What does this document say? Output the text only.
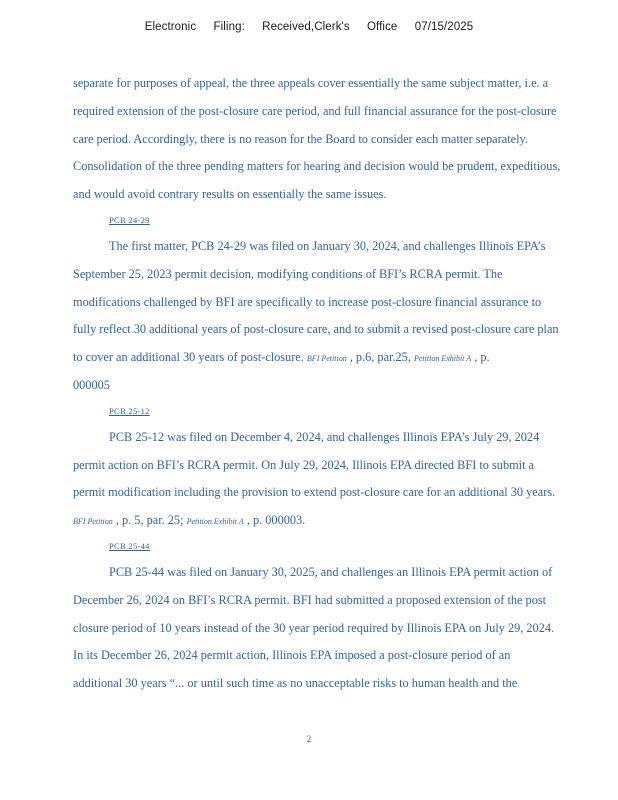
Electronic Filing: Received,Clerk's Office 07/15/2025
separate for purposes of appeal, the three appeals cover essentially the same subject matter, i.e. a
required extension of the post-closure care period, and full financial assurance for the post-closure
care period. Accordingly, there is no reason for the Board to consider each matter separately.
Consolidation of the three pending matters for hearing and decision would be prudent, expeditious,
and would avoid contrary results on essentially the same issues.
PCB 24-29
The first matter, PCB 24-29 was filed on January 30, 2024, and challenges Illinois EPA’s
September 25, 2023 permit decision, modifying conditions of BFI’s RCRA permit. The
modifications challenged by BFI are specifically to increase post-closure financial assurance to
fully reflect 30 additional years of post-closure care, and to submit a revised post-closure care plan
to cover an additional 30 years of post-closure. BFI Petition , p.6, par.25, Petition Exhibit A , p.
000005
PCB 25-12
PCB 25-12 was filed on December 4, 2024, and challenges Illinois EPA’s July 29, 2024
permit action on BFI’s RCRA permit. On July 29, 2024, Illinois EPA directed BFI to submit a
permit modification including the provision to extend post-closure care for an additional 30 years.
BFI Petition , p. 5, par. 25; Petition Exhibit A , p. 000003.
PCB 25-44
PCB 25-44 was filed on January 30, 2025, and challenges an Illinois EPA permit action of
December 26, 2024 on BFI’s RCRA permit. BFI had submitted a proposed extension of the post
closure period of 10 years instead of the 30 year period required by Illinois EPA on July 29, 2024.
In its December 26, 2024 permit action, Illinois EPA imposed a post-closure period of an
additional 30 years “... or until such time as no unacceptable risks to human health and the
2
